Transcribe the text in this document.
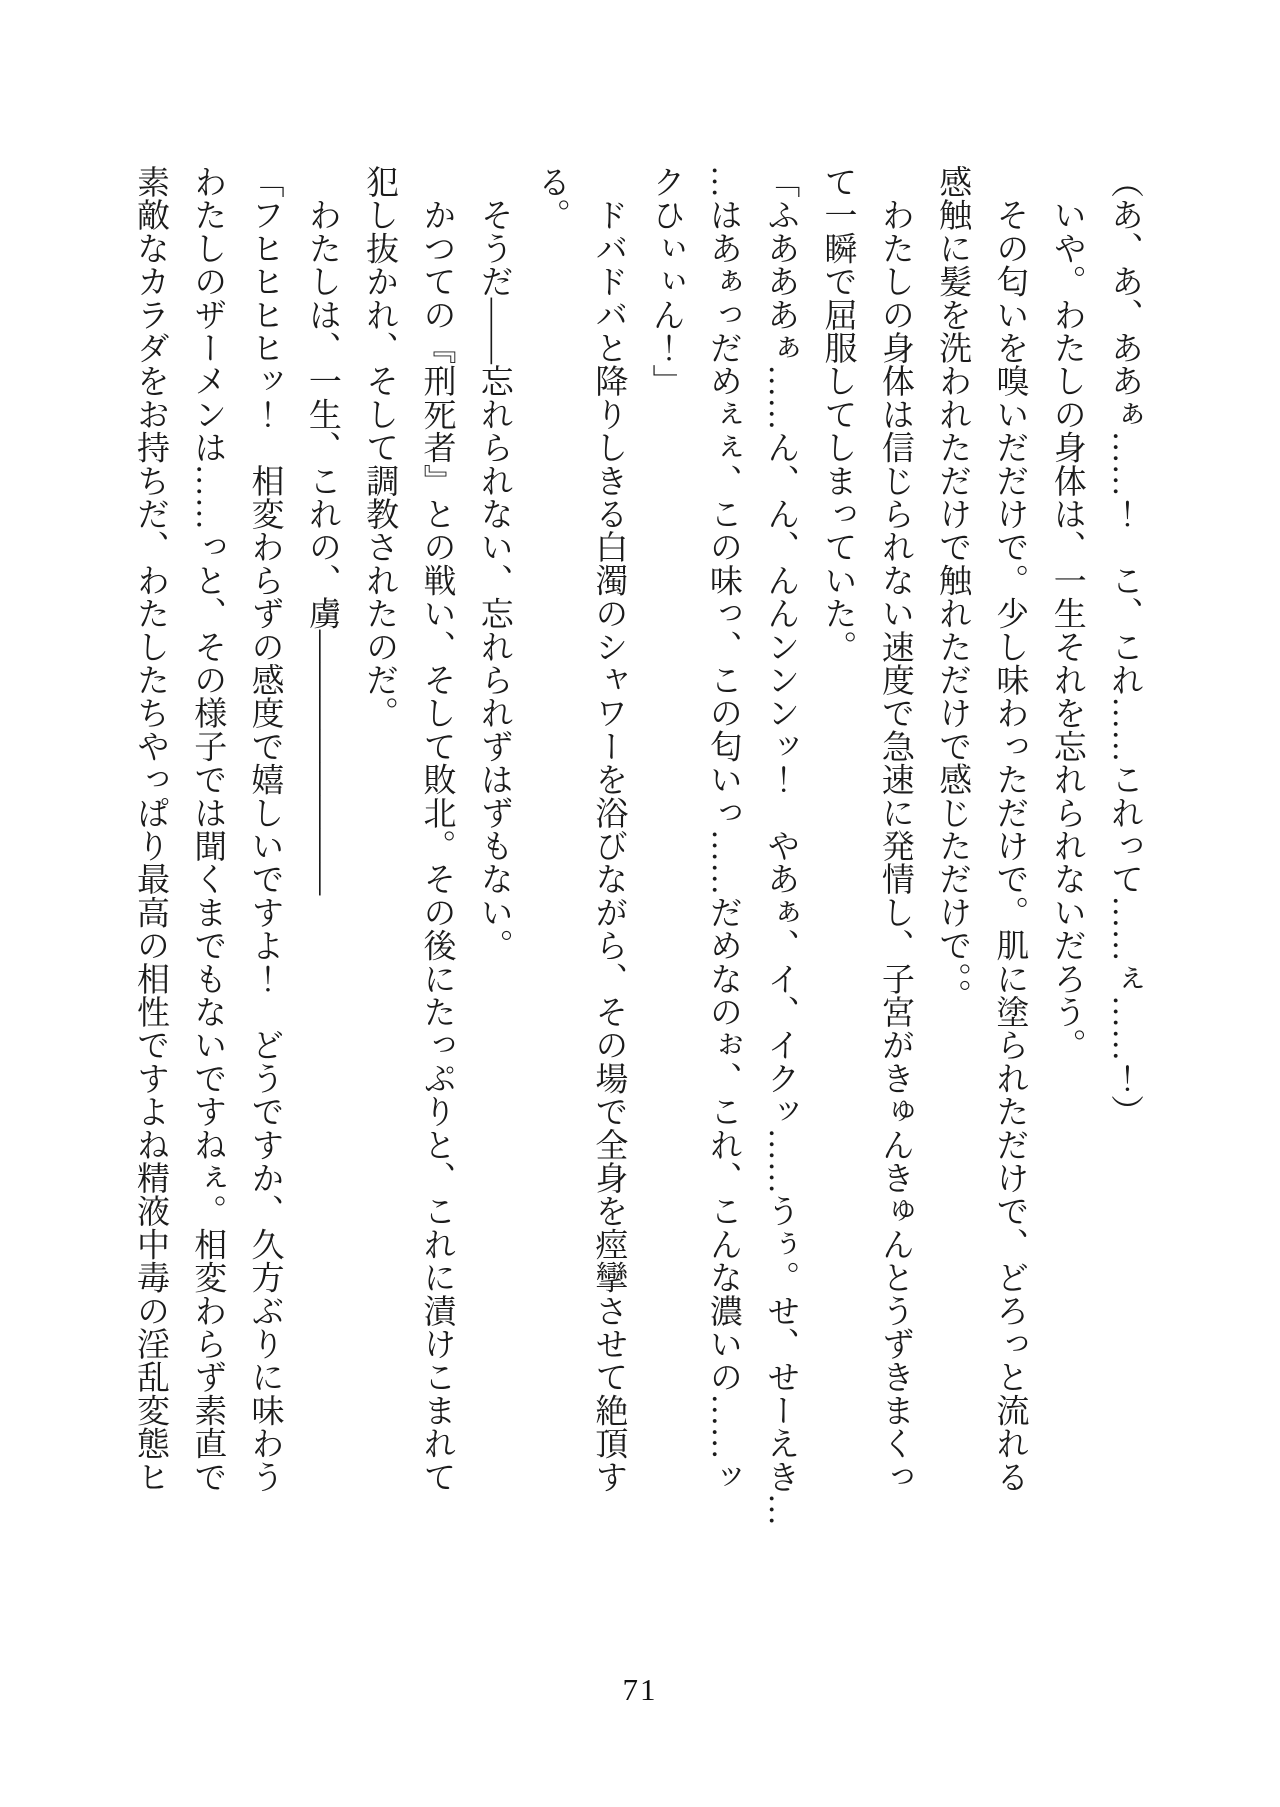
（あ、あ、ああぁ……！　こ、これ……これって……ぇ……！）

　いや。わたしの身体は、一生それを忘れられないだろう。

　その匂いを嗅いだだけで。少し味わっただけで。肌に塗られただけで、どろっと流れる

感触に髪を洗われただけで触れただけで感じただけで。。

　わたしの身体は信じられない速度で急速に発情し、子宮がきゅんきゅんとうずきまくっ

て一瞬で屈服してしまっていた。

「ふあああぁ……ん、ん、んんンンンッ！　やあぁ、イ、イクッ……うぅ。せ、せーえき…

…はあぁっだめぇぇ、この味っ、この匂いっ……だめなのぉ、これ、こんな濃いの……ッ

クひぃぃん！」

　ドバドバと降りしきる白濁のシャワーを浴びながら、その場で全身を痙攣させて絶頂す

る。

　そうだ――忘れられない、忘れられずはずもない。

　かつての『刑死者』との戦い、そして敗北。その後にたっぷりと、これに漬けこまれて

犯し抜かれ、そして調教されたのだ。

　わたしは、一生、これの、虜――――――――

「フヒヒヒヒッ！　相変わらずの感度で嬉しいですよ！　どうですか、久方ぶりに味わう

わたしのザーメンは……っと、その様子では聞くまでもないですねぇ。相変わらず素直で

素敵なカラダをお持ちだ、わたしたちやっぱり最高の相性ですよね精液中毒の淫乱変態ヒ

71
